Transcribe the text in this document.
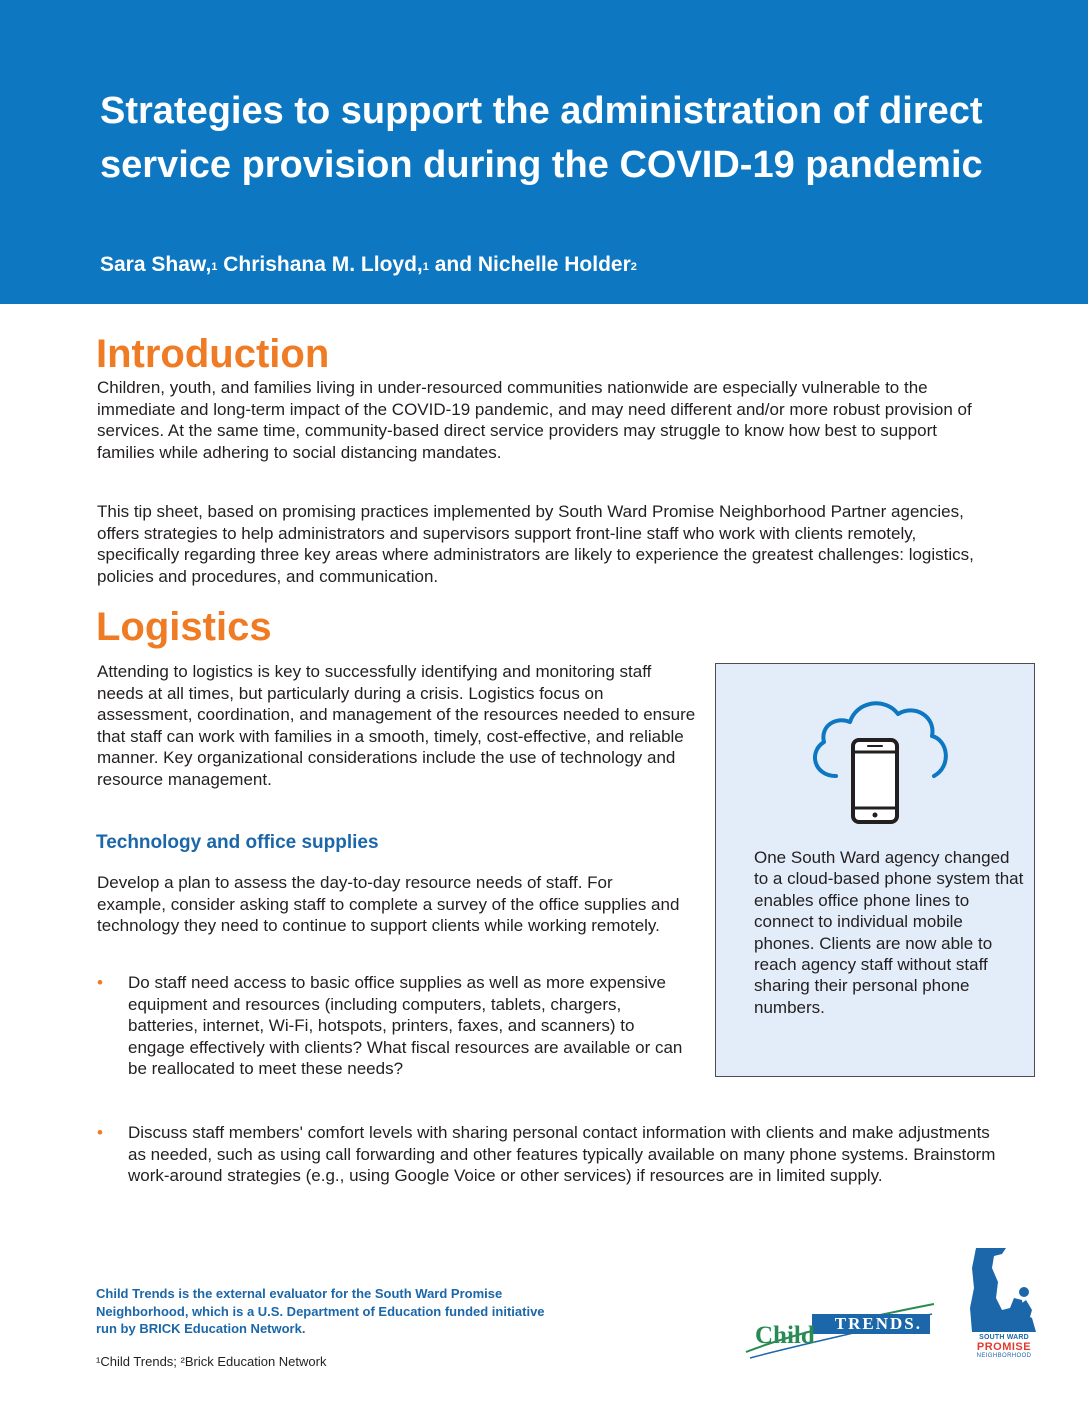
Strategies to support the administration of direct service provision during the COVID-19 pandemic
Sara Shaw,$^1$ Chrishana M. Lloyd,$^1$ and Nichelle Holder$^2$
Introduction

Children, youth, and families living in under-resourced communities nationwide are especially vulnerable to the immediate and long-term impact of the COVID-19 pandemic, and may need different and/or more robust provision of services. At the same time, community-based direct service providers may struggle to know how best to support families while adhering to social distancing mandates.

This tip sheet, based on promising practices implemented by South Ward Promise Neighborhood Partner agencies, offers strategies to help administrators and supervisors support front-line staff who work with clients remotely, specifically regarding three key areas where administrators are likely to experience the greatest challenges: logistics, policies and procedures, and communication.

Logistics

Attending to logistics is key to successfully identifying and monitoring staff needs at all times, but particularly during a crisis. Logistics focus on assessment, coordination, and management of the resources needed to ensure that staff can work with families in a smooth, timely, cost-effective, and reliable manner. Key organizational considerations include the use of technology and resource management.

Technology and office supplies

Develop a plan to assess the day-to-day resource needs of staff. For example, consider asking staff to complete a survey of the office supplies and technology they need to continue to support clients while working remotely.

• Do staff need access to basic office supplies as well as more expensive equipment and resources (including computers, tablets, chargers, batteries, internet, Wi-Fi, hotspots, printers, faxes, and scanners) to engage effectively with clients? What fiscal resources are available or can be reallocated to meet these needs?
• Discuss staff members' comfort levels with sharing personal contact information with clients and make adjustments as needed, such as using call forwarding and other features typically available on many phone systems. Brainstorm work-around strategies (e.g., using Google Voice or other services) if resources are in limited supply.

One South Ward agency changed to a cloud-based phone system that enables office phone lines to connect to individual mobile phones. Clients are now able to reach agency staff without staff sharing their personal phone numbers.

Child Trends is the external evaluator for the South Ward Promise Neighborhood, which is a U.S. Department of Education funded initiative run by BRICK Education Network.

¹Child Trends; ²Brick Education Network

TRENDS.
Child	SOUTH WARD
PROMISE
NEIGHBORHOOD
